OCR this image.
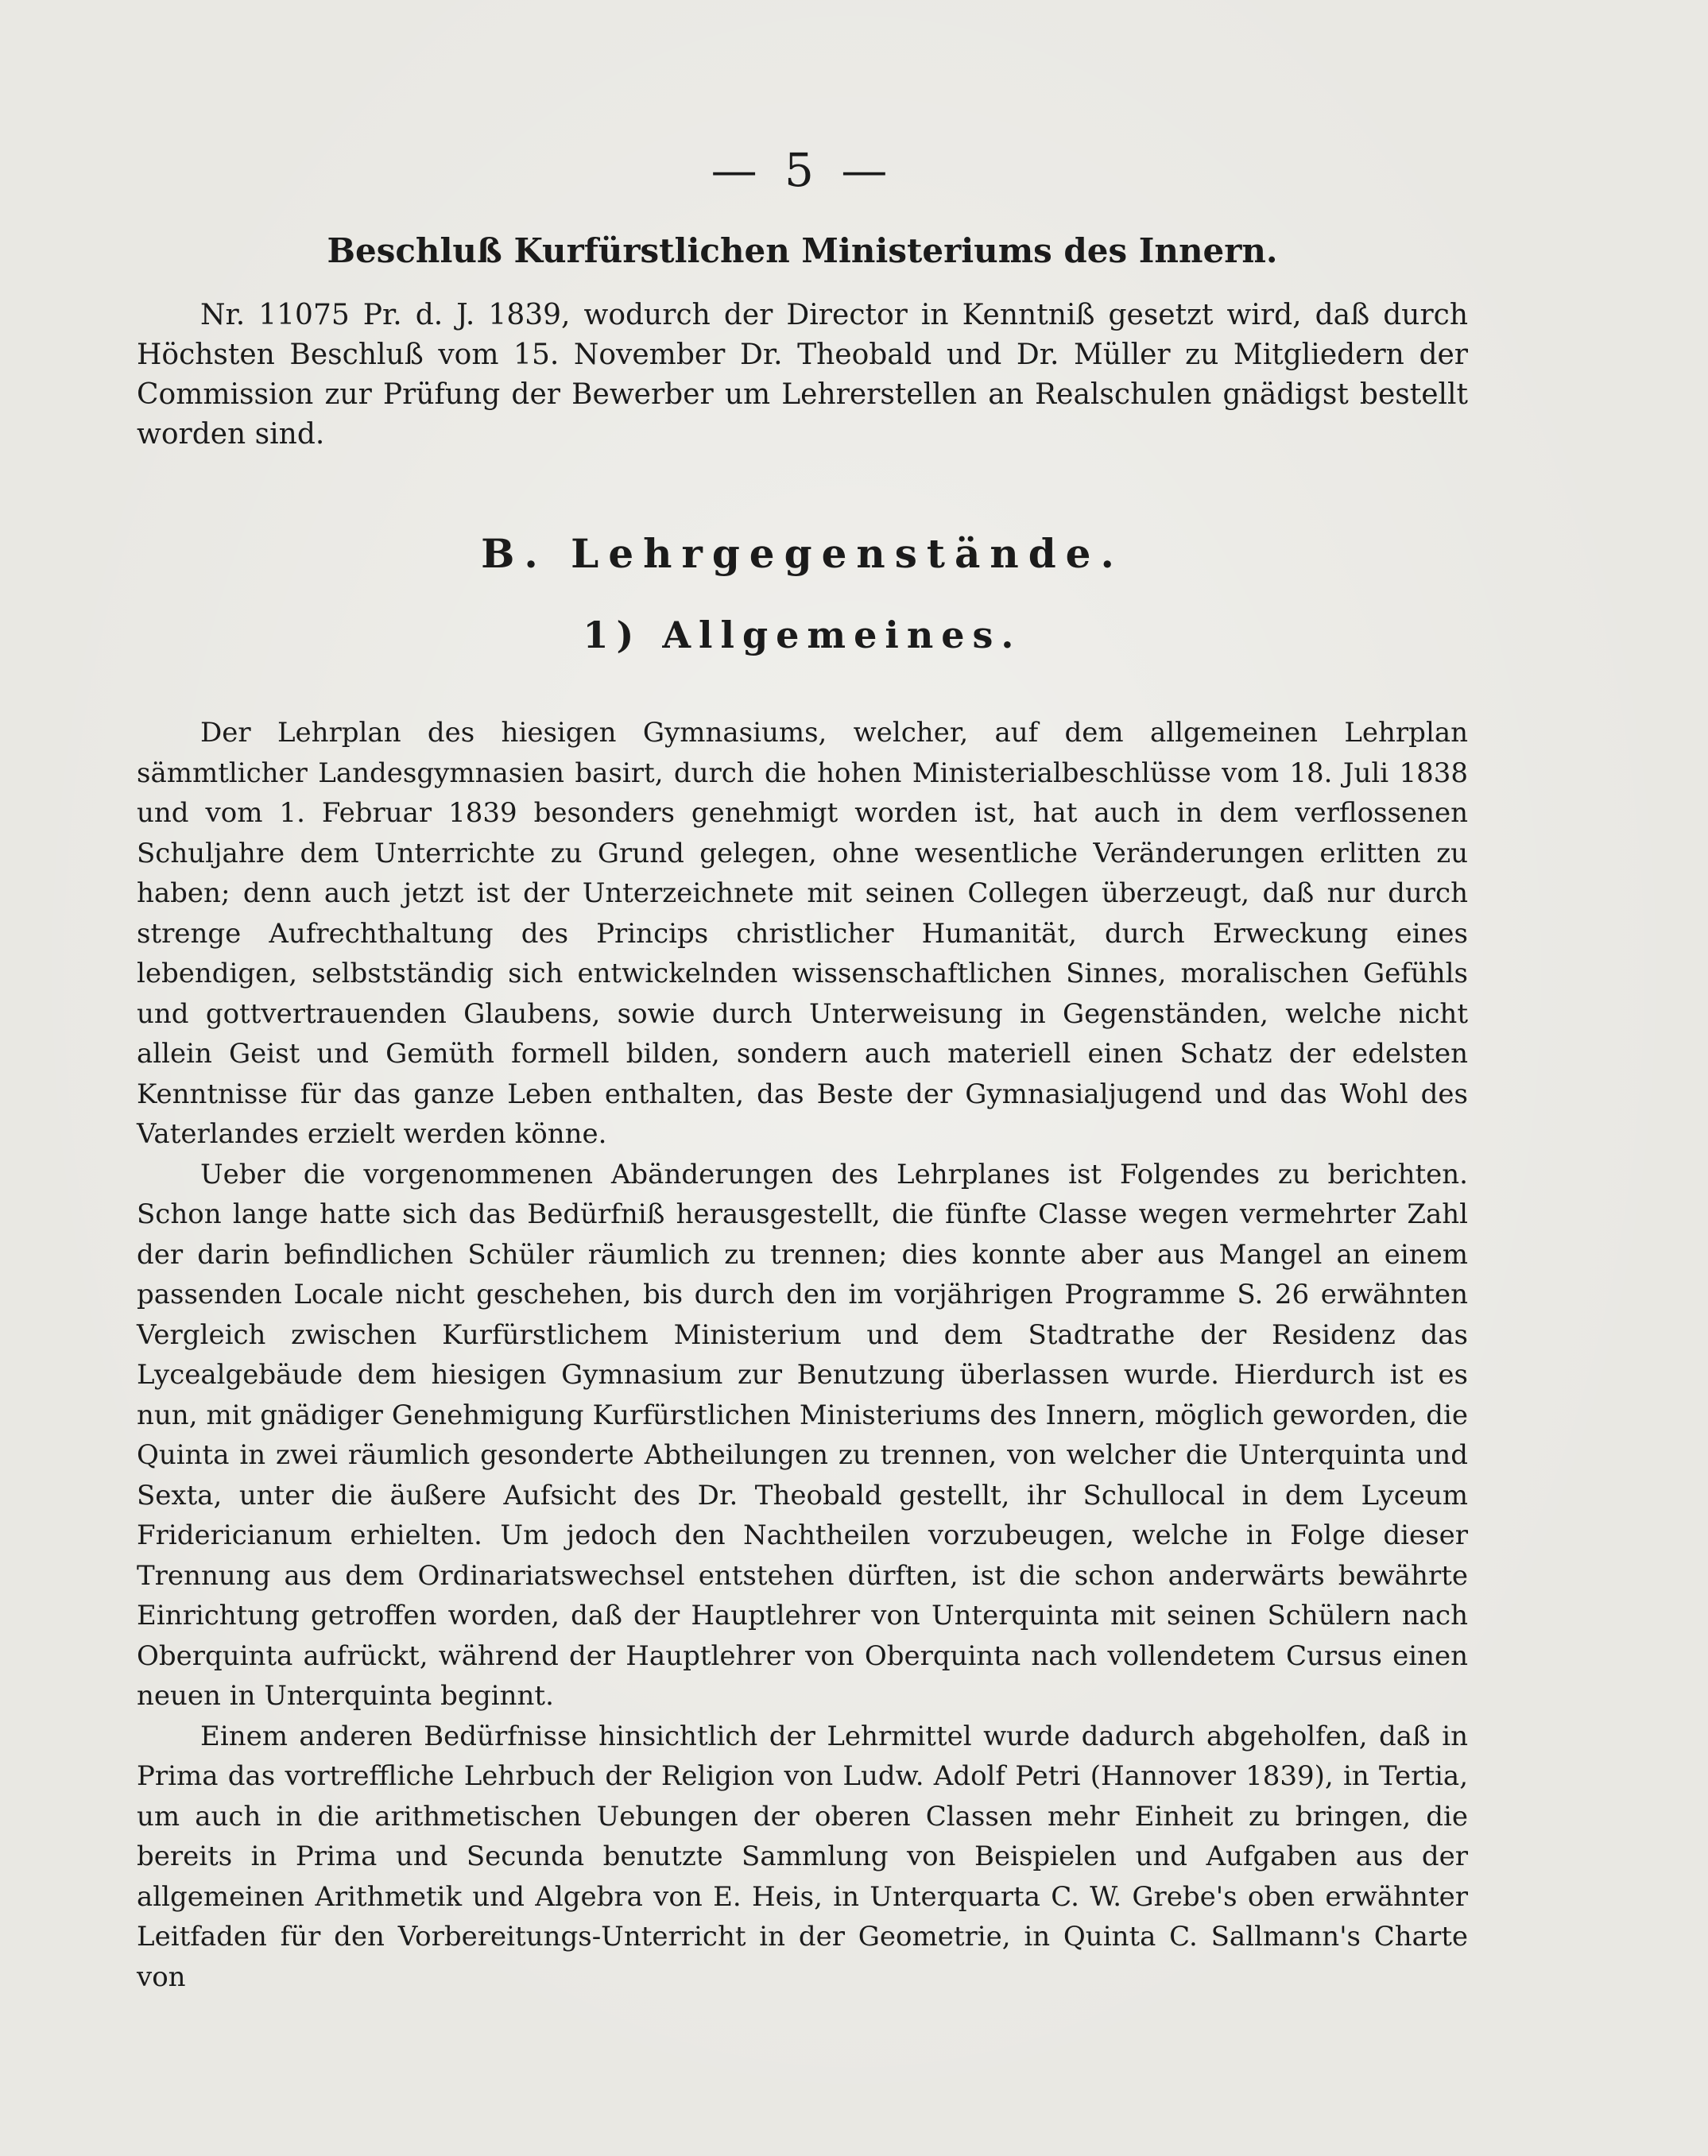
— 5 —
Beschluß Kurfürstlichen Ministeriums des Innern.

Nr. 11075 Pr. d. J. 1839, wodurch der Director in Kenntniß gesetzt wird, daß durch Höchsten Beschluß vom 15. November Dr. Theobald und Dr. Müller zu Mitgliedern der Commission zur Prüfung der Bewerber um Lehrerstellen an Realschulen gnädigst bestellt worden sind.

B. Lehrgegenstände.
1) Allgemeines.

Der Lehrplan des hiesigen Gymnasiums, welcher, auf dem allgemeinen Lehrplan sämmtlicher Landesgymnasien basirt, durch die hohen Ministerialbeschlüsse vom 18. Juli 1838 und vom 1. Februar 1839 besonders genehmigt worden ist, hat auch in dem verflossenen Schuljahre dem Unterrichte zu Grund gelegen, ohne wesentliche Veränderungen erlitten zu haben; denn auch jetzt ist der Unterzeichnete mit seinen Collegen überzeugt, daß nur durch strenge Aufrechthaltung des Princips christlicher Humanität, durch Erweckung eines lebendigen, selbstständig sich entwickelnden wissenschaftlichen Sinnes, moralischen Gefühls und gottvertrauenden Glaubens, sowie durch Unterweisung in Gegenständen, welche nicht allein Geist und Gemüth formell bilden, sondern auch materiell einen Schatz der edelsten Kenntnisse für das ganze Leben enthalten, das Beste der Gymnasialjugend und das Wohl des Vaterlandes erzielt werden könne.

Ueber die vorgenommenen Abänderungen des Lehrplanes ist Folgendes zu berichten. Schon lange hatte sich das Bedürfniß herausgestellt, die fünfte Classe wegen vermehrter Zahl der darin befindlichen Schüler räumlich zu trennen; dies konnte aber aus Mangel an einem passenden Locale nicht geschehen, bis durch den im vorjährigen Programme S. 26 erwähnten Vergleich zwischen Kurfürstlichem Ministerium und dem Stadtrathe der Residenz das Lycealgebäude dem hiesigen Gymnasium zur Benutzung überlassen wurde. Hierdurch ist es nun, mit gnädiger Genehmigung Kurfürstlichen Ministeriums des Innern, möglich geworden, die Quinta in zwei räumlich gesonderte Abtheilungen zu trennen, von welcher die Unterquinta und Sexta, unter die äußere Aufsicht des Dr. Theobald gestellt, ihr Schullocal in dem Lyceum Fridericianum erhielten. Um jedoch den Nachtheilen vorzubeugen, welche in Folge dieser Trennung aus dem Ordinariatswechsel entstehen dürften, ist die schon anderwärts bewährte Einrichtung getroffen worden, daß der Hauptlehrer von Unterquinta mit seinen Schülern nach Oberquinta aufrückt, während der Hauptlehrer von Oberquinta nach vollendetem Cursus einen neuen in Unterquinta beginnt.

Einem anderen Bedürfnisse hinsichtlich der Lehrmittel wurde dadurch abgeholfen, daß in Prima das vortreffliche Lehrbuch der Religion von Ludw. Adolf Petri (Hannover 1839), in Tertia, um auch in die arithmetischen Uebungen der oberen Classen mehr Einheit zu bringen, die bereits in Prima und Secunda benutzte Sammlung von Beispielen und Aufgaben aus der allgemeinen Arithmetik und Algebra von E. Heis, in Unterquarta C. W. Grebe's oben erwähnter Leitfaden für den Vorbereitungs-Unterricht in der Geometrie, in Quinta C. Sallmann's Charte von
